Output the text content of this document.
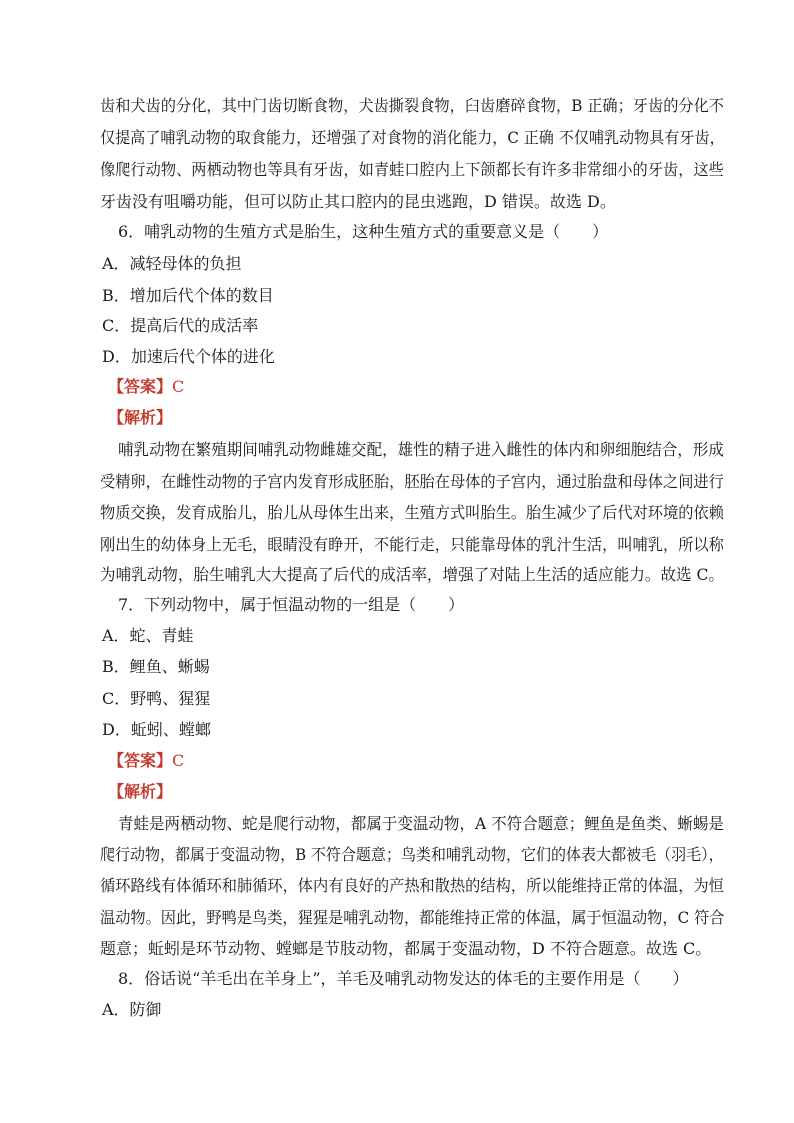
齿和犬齿的分化，其中门齿切断食物，犬齿撕裂食物，臼齿磨碎食物，B 正确；牙齿的分化不
仅提高了哺乳动物的取食能力，还增强了对食物的消化能力，C 正确 不仅哺乳动物具有牙齿，
像爬行动物、两栖动物也等具有牙齿，如青蛙口腔内上下颌都长有许多非常细小的牙齿，这些
牙齿没有咀嚼功能，但可以防止其口腔内的昆虫逃跑，D 错误。故选 D。
6．哺乳动物的生殖方式是胎生，这种生殖方式的重要意义是（　　）
A．减轻母体的负担
B．增加后代个体的数目
C．提高后代的成活率
D．加速后代个体的进化
【答案】C
【解析】
哺乳动物在繁殖期间哺乳动物雌雄交配，雄性的精子进入雌性的体内和卵细胞结合，形成
受精卵，在雌性动物的子宫内发育形成胚胎，胚胎在母体的子宫内，通过胎盘和母体之间进行
物质交换，发育成胎儿，胎儿从母体生出来，生殖方式叫胎生。胎生减少了后代对环境的依赖
刚出生的幼体身上无毛，眼睛没有睁开，不能行走，只能靠母体的乳汁生活，叫哺乳，所以称
为哺乳动物，胎生哺乳大大提高了后代的成活率，增强了对陆上生活的适应能力。故选 C。
7．下列动物中，属于恒温动物的一组是（　　）
A．蛇、青蛙
B．鲤鱼、蜥蜴
C．野鸭、猩猩
D．蚯蚓、螳螂
【答案】C
【解析】
青蛙是两栖动物、蛇是爬行动物，都属于变温动物，A 不符合题意；鲤鱼是鱼类、蜥蜴是
爬行动物，都属于变温动物，B 不符合题意；鸟类和哺乳动物，它们的体表大都被毛（羽毛），
循环路线有体循环和肺循环，体内有良好的产热和散热的结构，所以能维持正常的体温，为恒
温动物。因此，野鸭是鸟类，猩猩是哺乳动物，都能维持正常的体温，属于恒温动物，C 符合
题意；蚯蚓是环节动物、螳螂是节肢动物，都属于变温动物，D 不符合题意。故选 C。
8．俗话说“羊毛出在羊身上”，羊毛及哺乳动物发达的体毛的主要作用是（　　）
A．防御
